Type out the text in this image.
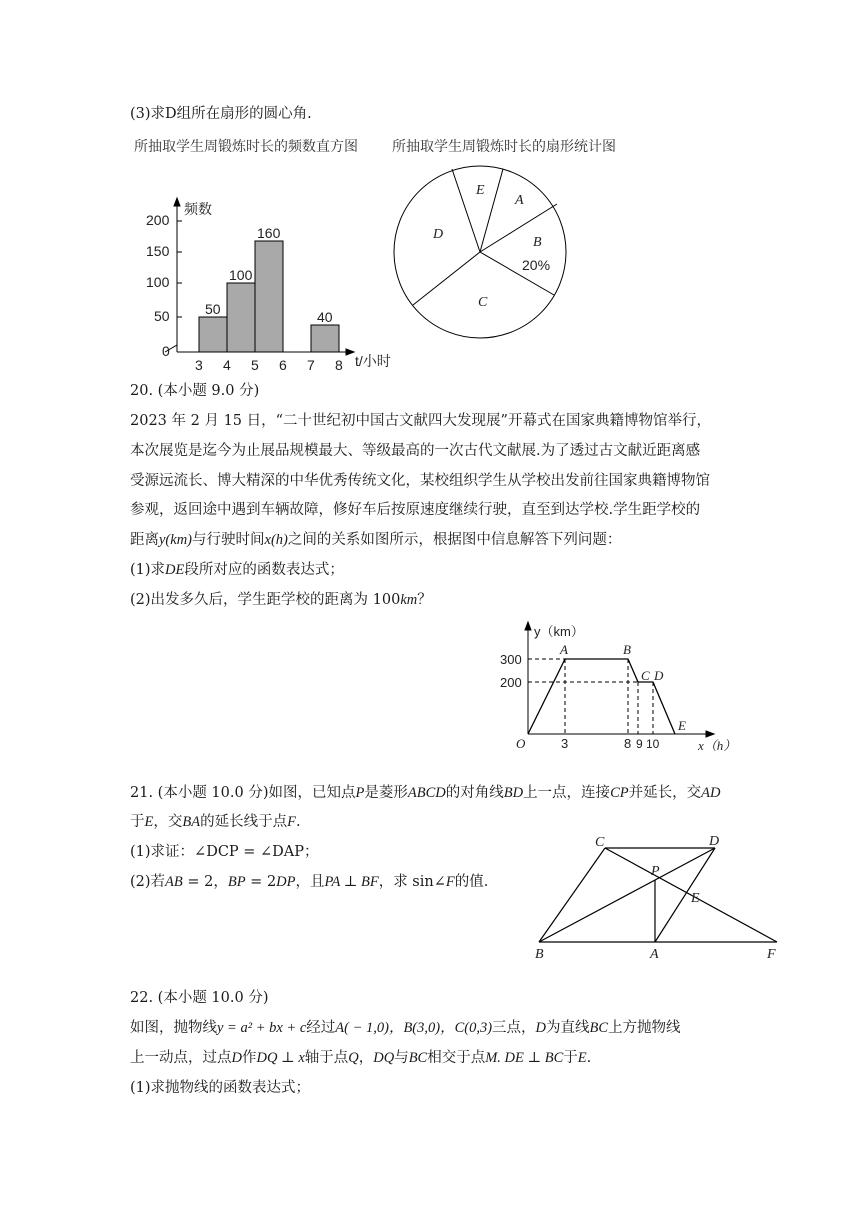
(3)求D组所在扇形的圆心角.
所抽取学生周锻炼时长的频数直方图 所抽取学生周锻炼时长的扇形统计图
频数
200
150
100
50
0
3 4 5 6 7 8 t/小时
50
100
160
40
E
A
B
20%
D
C
20. (本小题 9.0 分)
2023 年 2 月 15 日，“二十世纪初中国古文献四大发现展”开幕式在国家典籍博物馆举行，
本次展览是迄今为止展品规模最大、等级最高的一次古代文献展.为了透过古文献近距离感
受源远流长、博大精深的中华优秀传统文化，某校组织学生从学校出发前往国家典籍博物馆
参观，返回途中遇到车辆故障，修好车后按原速度继续行驶，直至到达学校.学生距学校的
距离y(km)与行驶时间x(h)之间的关系如图所示，根据图中信息解答下列问题：
(1)求DE段所对应的函数表达式；
(2)出发多久后，学生距学校的距离为 100km？
y（km）
300
200
O	3	8 9 10	x（h）
A	B
C D
E
21. (本小题 10.0 分)如图，已知点P是菱形ABCD的对角线BD上一点，连接CP并延长，交AD
于E，交BA的延长线于点F.
(1)求证：∠DCP = ∠DAP；
(2)若AB = 2，BP = 2DP，且PA ⊥ BF，求 sin∠F的值.
C	D
P
E
B	A	F
22. (本小题 10.0 分)
如图，抛物线y = a² + bx + c经过A( − 1,0)，B(3,0)，C(0,3)三点，D为直线BC上方抛物线
上一动点，过点D作DQ ⊥ x轴于点Q，DQ与BC相交于点M. DE ⊥ BC于E.
(1)求抛物线的函数表达式；
